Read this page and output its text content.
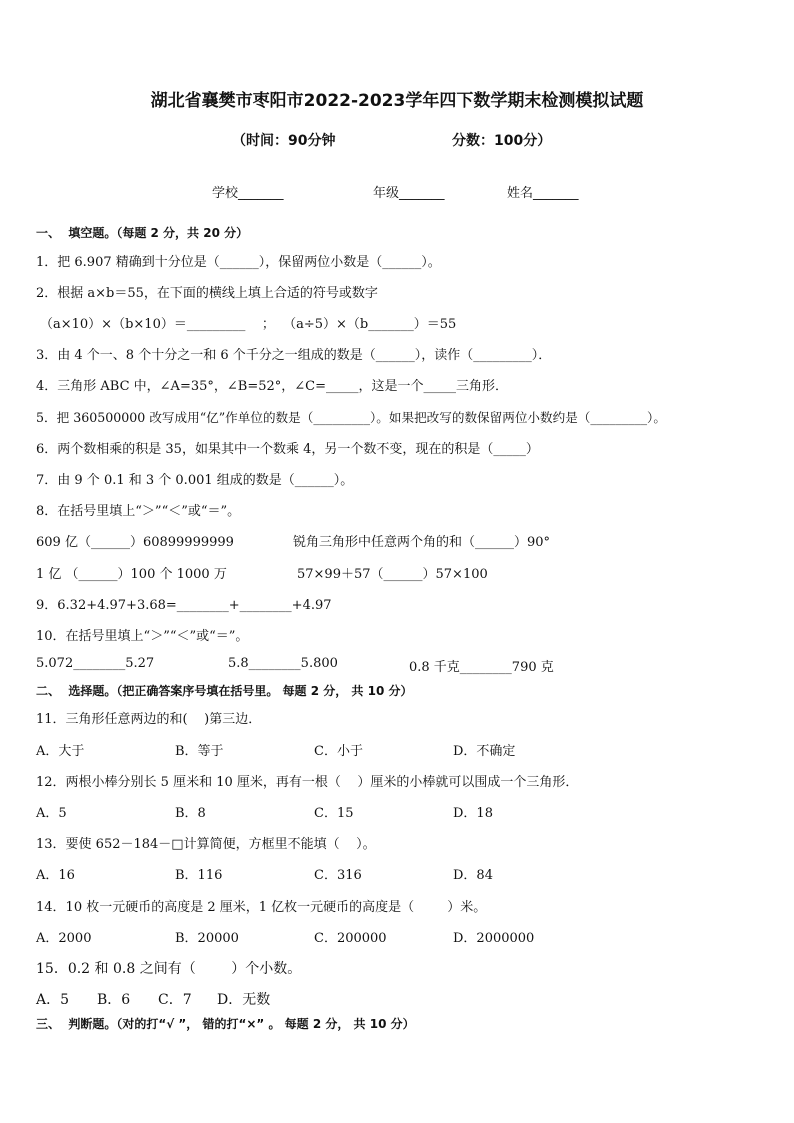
湖北省襄樊市枣阳市2022-2023学年四下数学期末检测模拟试题
（时间：90分钟	分数：100分）
学校_______	年级_______	姓名_______
一、  填空题。（每题 2 分，共 20 分）
1．把 6.907 精确到十分位是（______），保留两位小数是（______）。
2．根据 a×b＝55，在下面的横线上填上合适的符号或数字
（a×10）×（b×10）＝_________    ；  （a÷5）×（b_______）＝55
3．由 4 个一、8 个十分之一和 6 个千分之一组成的数是（______），读作（_________）．
4．三角形 ABC 中，∠A=35°，∠B=52°，∠C=_____，这是一个_____三角形．
5．把 360500000 改写成用“亿”作单位的数是（_________）。如果把改写的数保留两位小数约是（_________）。
6．两个数相乘的积是 35，如果其中一个数乘 4，另一个数不变，现在的积是（_____）
7．由 9 个 0.1 和 3 个 0.001 组成的数是（______）。
8．在括号里填上“＞”“＜”或“＝”。
609 亿（______）60899999999	锐角三角形中任意两个角的和（______）90°
1 亿 （______）100 个 1000 万	57×99＋57（______）57×100
9．6.32+4.97+3.68=________+________+4.97
10．在括号里填上“＞”“＜”或“＝”。
5.072________5.27	5.8________5.800	0.8 千克________790 克
二、  选择题。（把正确答案序号填在括号里。 每题 2 分， 共 10 分）
11．三角形任意两边的和(    )第三边．
A．大于	B．等于	C．小于	D．不确定
12．两根小棒分别长 5 厘米和 10 厘米，再有一根（    ）厘米的小棒就可以围成一个三角形．
A．5	B．8	C．15	D．18
13．要使 652－184－□计算简便，方框里不能填（    ）。
A．16	B．116	C．316	D．84
14．10 枚一元硬币的高度是 2 厘米，1 亿枚一元硬币的高度是（        ）米。
A．2000	B．20000	C．200000	D．2000000
15．0.2 和 0.8 之间有（        ）个小数。
A．5 B．6 C．7 D．无数
三、  判断题。（对的打“√ ”， 错的打“×” 。 每题 2 分， 共 10 分）
